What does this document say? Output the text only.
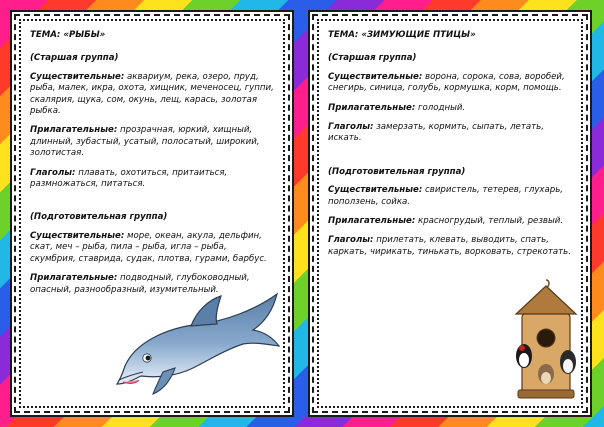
ТЕМА: «РЫБЫ»

(Старшая группа)

Существительные: аквариум, река, озеро, пруд, рыба, малек, икра, охота, хищник, меченосец, гуппи, скалярия, щука, сом, окунь, лещ, карась, золотая рыбка.

Прилагательные: прозрачная, юркий, хищный, длинный, зубастый, усатый, полосатый, широкий, золотистая.

Глаголы: плавать, охотиться, притаиться, размножаться, питаться.

(Подготовительная группа)

Существительные: море, океан, акула, дельфин, скат, меч – рыба, пила – рыба, игла – рыба, скумбрия, ставрида, судак, плотва, гурами, барбус.

Прилагательные: подводный, глубоководный, опасный, разнообразный, изумительный.

ТЕМА: «ЗИМУЮЩИЕ ПТИЦЫ»

(Старшая группа)

Существительные: ворона, сорока, сова, воробей, снегирь, синица, голубь, кормушка, корм, помощь.

Прилагательные: голодный.

Глаголы: замерзать, кормить, сыпать, летать, искать.

(Подготовительная группа)

Существительные: свиристель, тетерев, глухарь, поползень, сойка.

Прилагательные: красногрудый, теплый, резвый.

Глаголы: прилетать, клевать, выводить, спать, каркать, чирикать, тинькать, ворковать, стрекотать.
